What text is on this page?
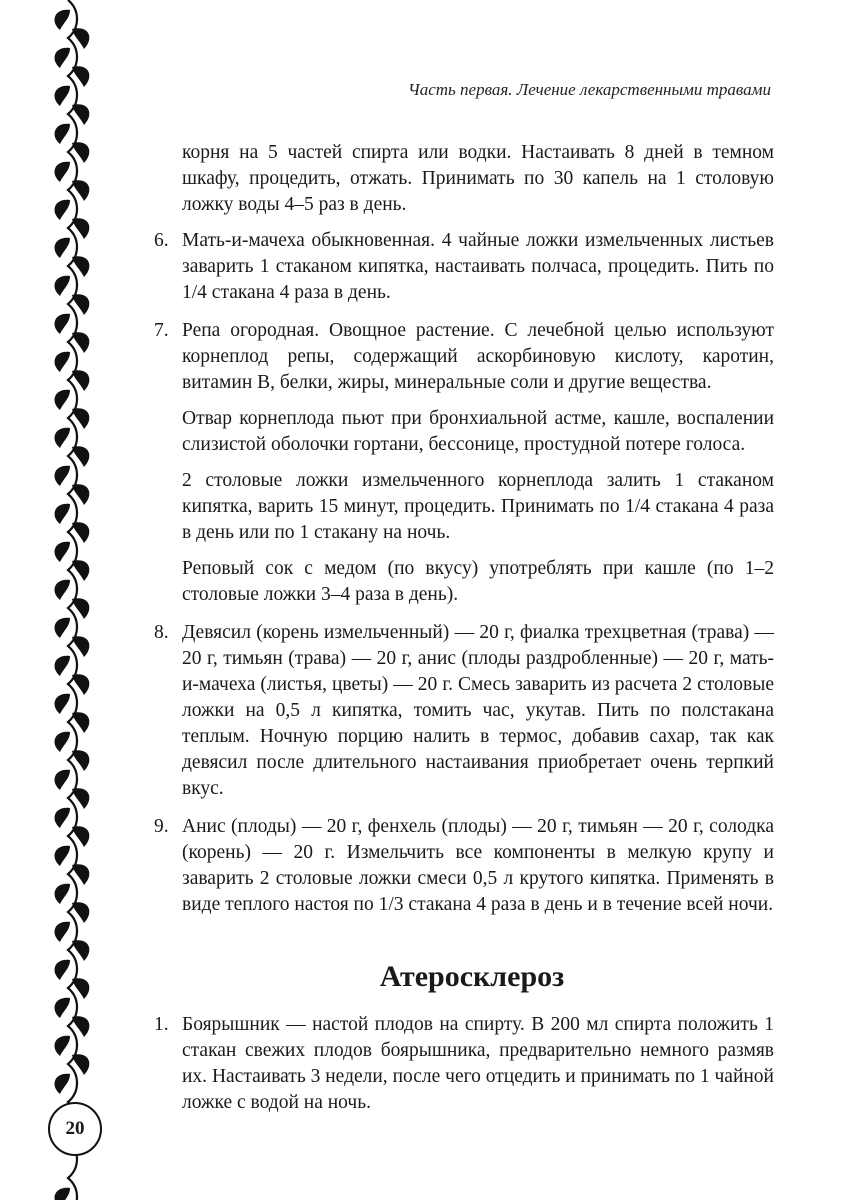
Часть первая. Лечение лекарственными травами

корня на 5 частей спирта или водки. Настаивать 8 дней в темном шкафу, процедить, отжать. Принимать по 30 капель на 1 столовую ложку воды 4–5 раз в день.

6. Мать-и-мачеха обыкновенная. 4 чайные ложки измельченных листьев заварить 1 стаканом кипятка, настаивать полчаса, процедить. Пить по 1/4 стакана 4 раза в день.

7. Репа огородная. Овощное растение. С лечебной целью используют корнеплод репы, содержащий аскорбиновую кислоту, каротин, витамин В, белки, жиры, минеральные соли и другие вещества.

Отвар корнеплода пьют при бронхиальной астме, кашле, воспалении слизистой оболочки гортани, бессонице, простудной потере голоса.

2 столовые ложки измельченного корнеплода залить 1 стаканом кипятка, варить 15 минут, процедить. Принимать по 1/4 стакана 4 раза в день или по 1 стакану на ночь.

Реповый сок с медом (по вкусу) употреблять при кашле (по 1–2 столовые ложки 3–4 раза в день).

8. Девясил (корень измельченный) — 20 г, фиалка трехцветная (трава) — 20 г, тимьян (трава) — 20 г, анис (плоды раздробленные) — 20 г, мать-и-мачеха (листья, цветы) — 20 г. Смесь заварить из расчета 2 столовые ложки на 0,5 л кипятка, томить час, укутав. Пить по полстакана теплым. Ночную порцию налить в термос, добавив сахар, так как девясил после длительного настаивания приобретает очень терпкий вкус.

9. Анис (плоды) — 20 г, фенхель (плоды) — 20 г, тимьян — 20 г, солодка (корень) — 20 г. Измельчить все компоненты в мелкую крупу и заварить 2 столовые ложки смеси 0,5 л крутого кипятка. Применять в виде теплого настоя по 1/3 стакана 4 раза в день и в течение всей ночи.

Атеросклероз
1. Боярышник — настой плодов на спирту. В 200 мл спирта положить 1 стакан свежих плодов боярышника, предварительно немного размяв их. Настаивать 3 недели, после чего отцедить и принимать по 1 чайной ложке с водой на ночь.

20
